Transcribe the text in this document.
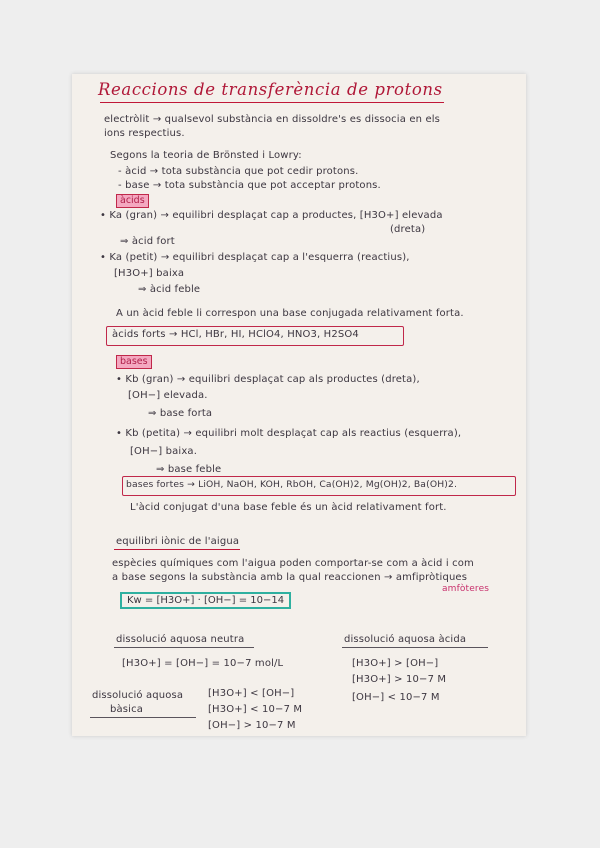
Reaccions de transferència de protons
electròlit → qualsevol substància en dissoldre's es dissocia en els
ions respectius.
Segons la teoria de Brönsted i Lowry:
- àcid → tota substància que pot cedir protons.
- base → tota substància que pot acceptar protons.
àcids
• Ka (gran) → equilibri desplaçat cap a productes, [H3O+] elevada
(dreta)
⇒ àcid fort
• Ka (petit) → equilibri desplaçat cap a l'esquerra (reactius),
[H3O+] baixa
⇒ àcid feble
A un àcid feble li correspon una base conjugada relativament forta.
àcids forts → HCl, HBr, HI, HClO4, HNO3, H2SO4
bases
• Kb (gran) → equilibri desplaçat cap als productes (dreta),
[OH−] elevada.
⇒ base forta
• Kb (petita) → equilibri molt desplaçat cap als reactius (esquerra),
[OH−] baixa.
⇒ base feble
bases fortes → LiOH, NaOH, KOH, RbOH, Ca(OH)2, Mg(OH)2, Ba(OH)2.
L'àcid conjugat d'una base feble és un àcid relativament fort.
equilibri iònic de l'aigua
espècies químiques com l'aigua poden comportar-se com a àcid i com
a base segons la substància amb la qual reaccionen → amfipròtiques
amfòteres
Kw = [H3O+] · [OH−] = 10−14
dissolució aquosa neutra
[H3O+] = [OH−] = 10−7 mol/L
dissolució aquosa àcida
[H3O+] > [OH−]
[H3O+] > 10−7 M
[OH−] < 10−7 M
dissolució aquosa
bàsica
[H3O+] < [OH−]
[H3O+] < 10−7 M
[OH−] > 10−7 M
